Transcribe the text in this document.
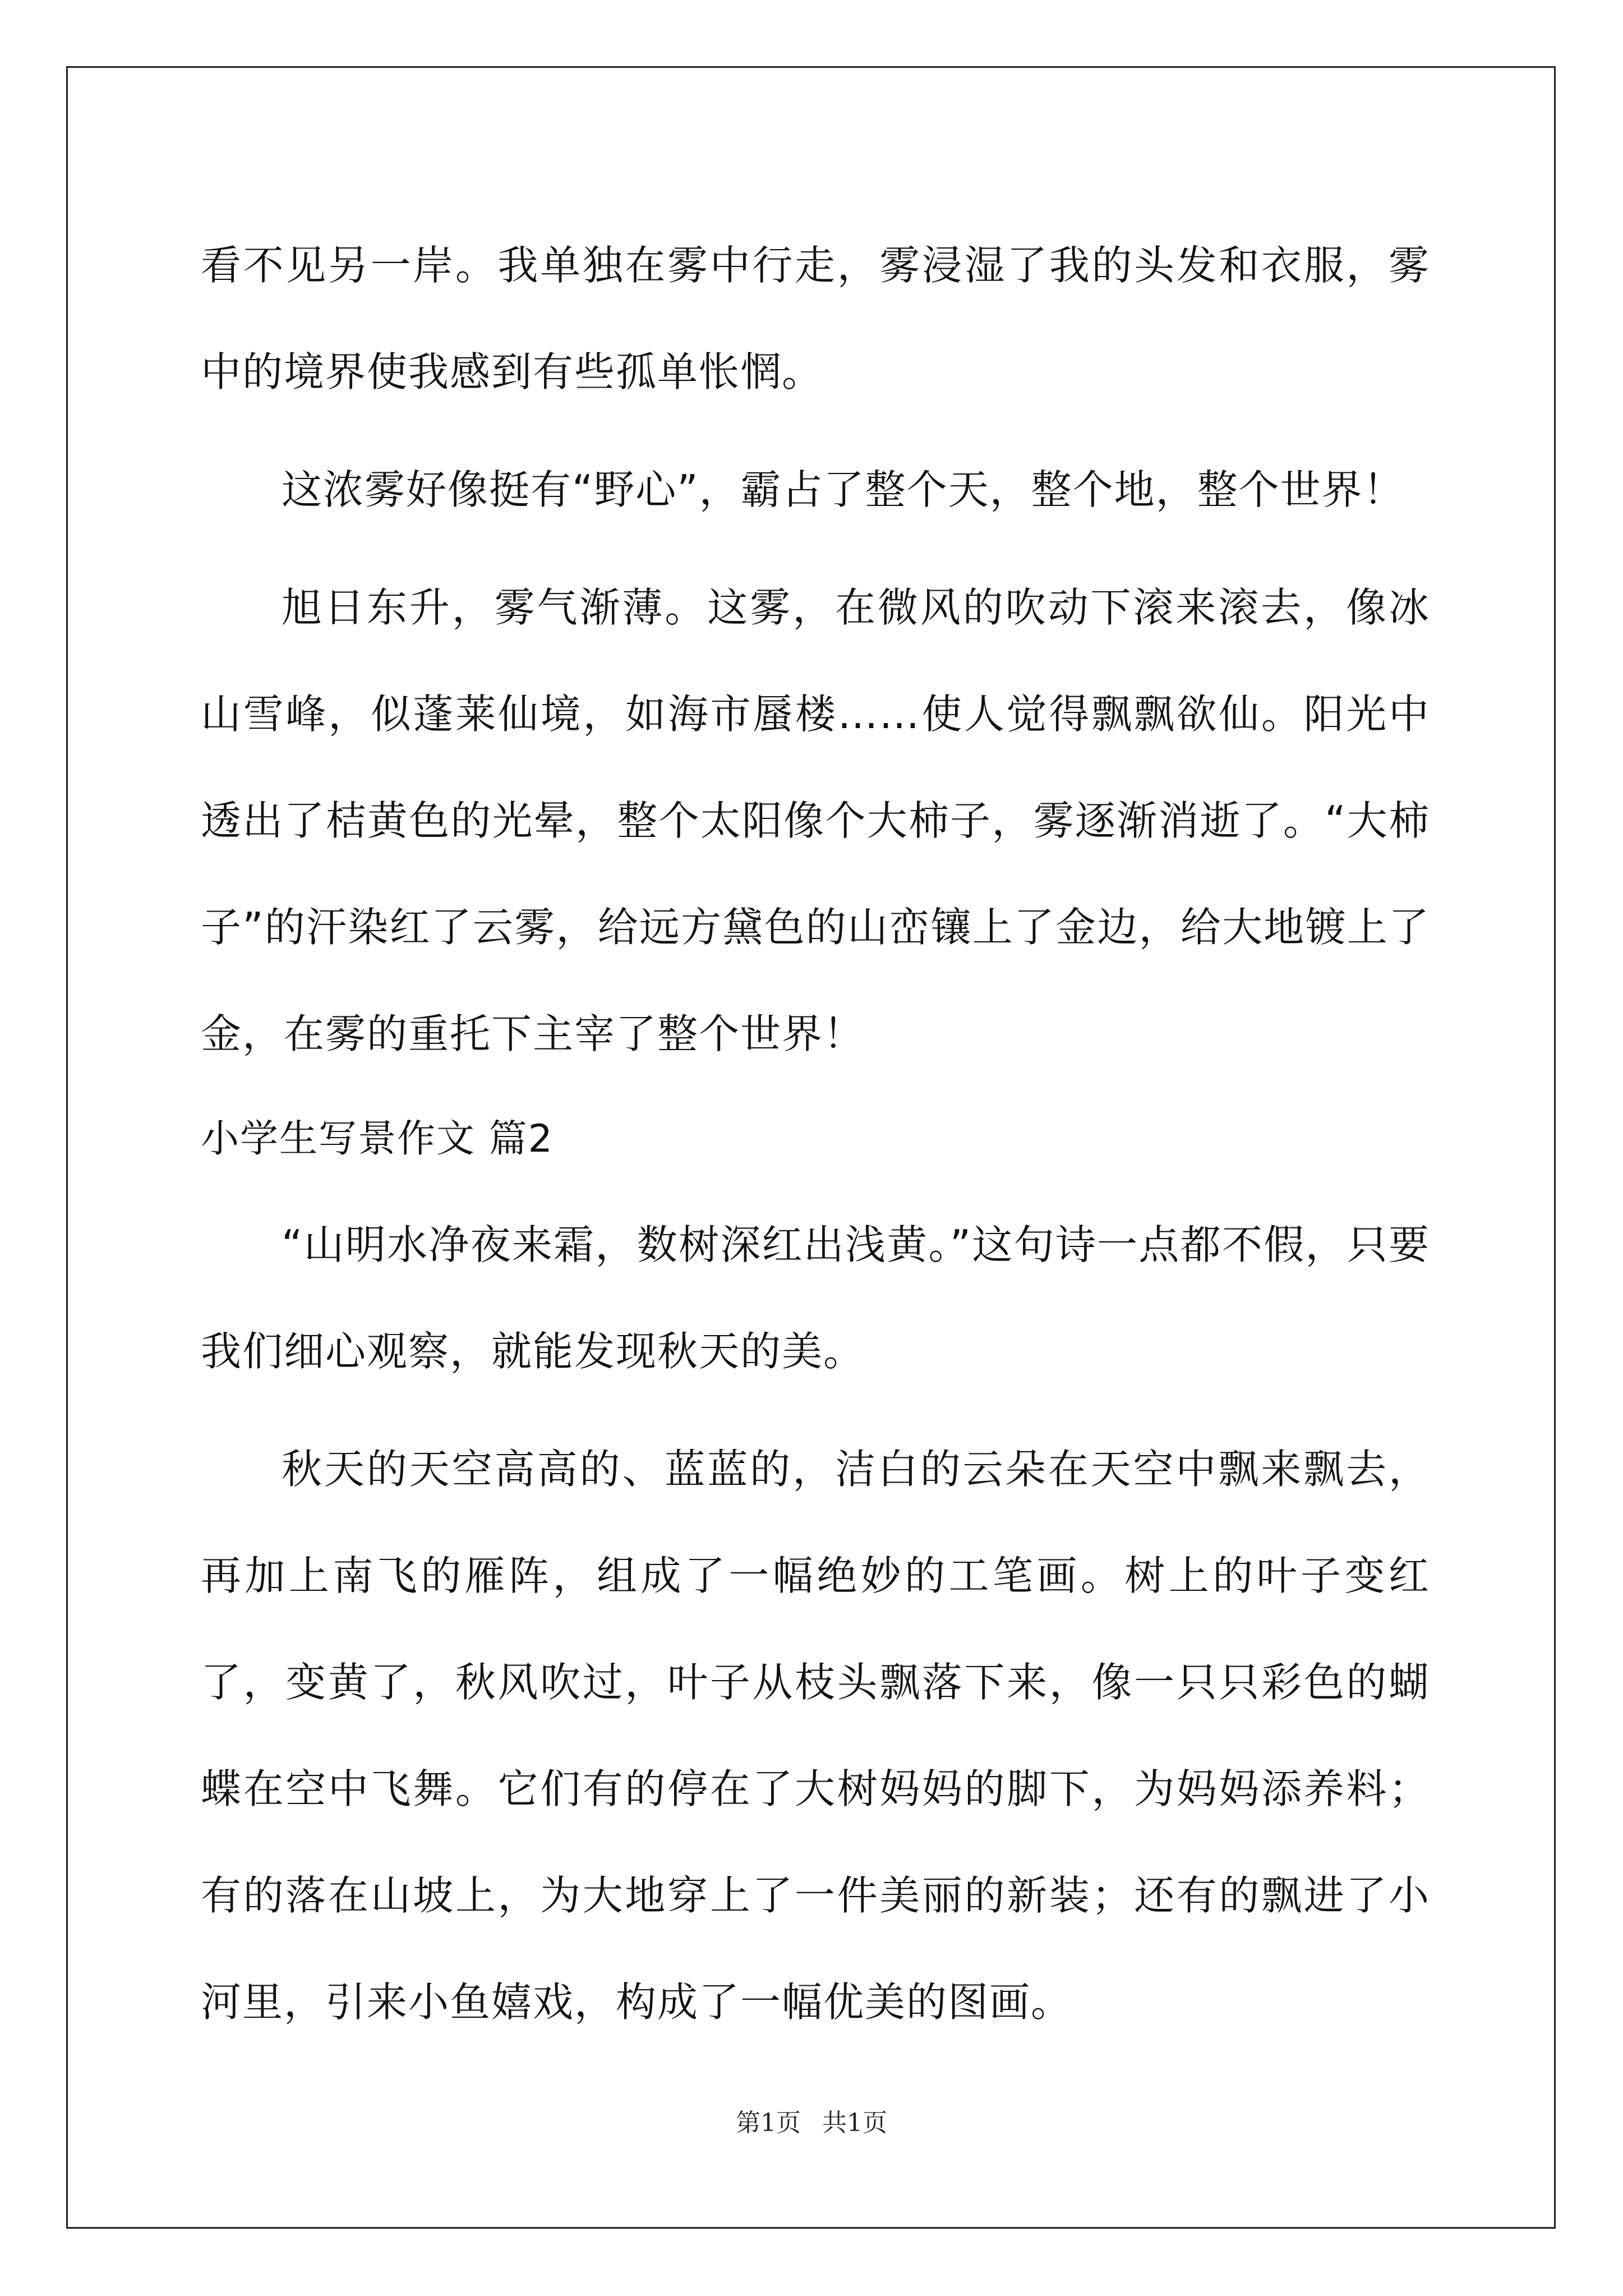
看不见另一岸。我单独在雾中行走，雾浸湿了我的头发和衣服，雾中的境界使我感到有些孤单怅惘。

这浓雾好像挺有“野心”，霸占了整个天，整个地，整个世界！

旭日东升，雾气渐薄。这雾，在微风的吹动下滚来滚去，像冰山雪峰，似蓬莱仙境，如海市蜃楼……使人觉得飘飘欲仙。阳光中透出了桔黄色的光晕，整个太阳像个大柿子，雾逐渐消逝了。“大柿子”的汗染红了云雾，给远方黛色的山峦镶上了金边，给大地镀上了金，在雾的重托下主宰了整个世界！

小学生写景作文 篇2

“山明水净夜来霜，数树深红出浅黄。”这句诗一点都不假，只要我们细心观察，就能发现秋天的美。

秋天的天空高高的、蓝蓝的，洁白的云朵在天空中飘来飘去，再加上南飞的雁阵，组成了一幅绝妙的工笔画。树上的叶子变红了，变黄了，秋风吹过，叶子从枝头飘落下来，像一只只彩色的蝴蝶在空中飞舞。它们有的停在了大树妈妈的脚下，为妈妈添养料；有的落在山坡上，为大地穿上了一件美丽的新装；还有的飘进了小河里，引来小鱼嬉戏，构成了一幅优美的图画。

第1页 共1页
